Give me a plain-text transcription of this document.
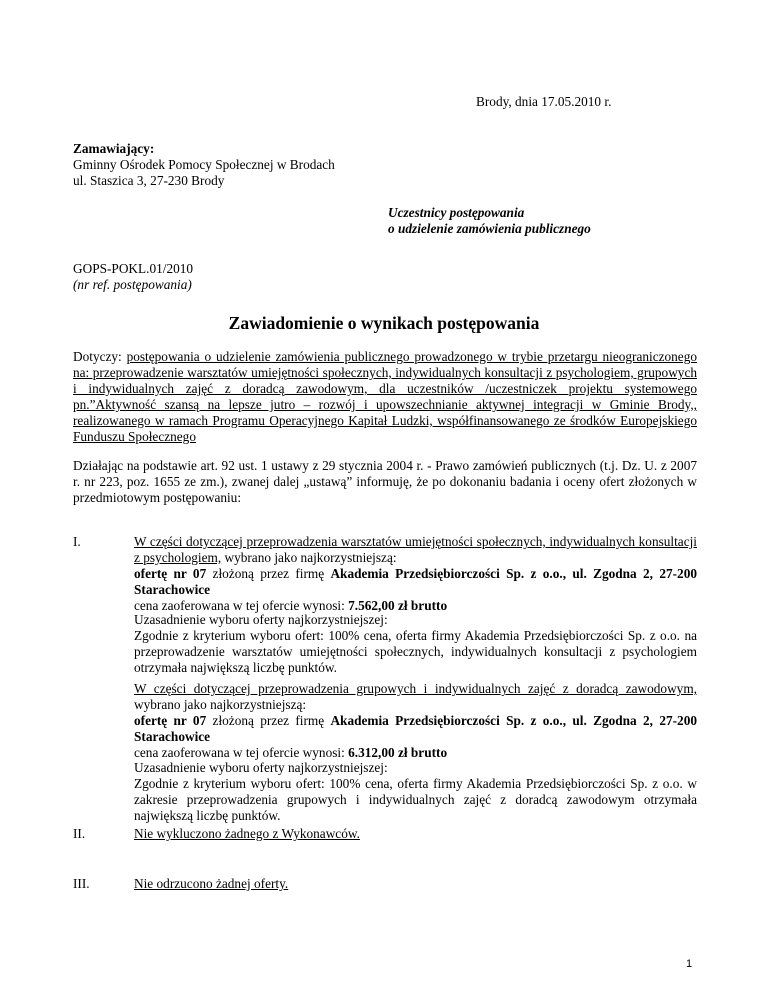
Brody, dnia 17.05.2010 r.
Zamawiający:
Gminny Ośrodek Pomocy Społecznej w Brodach
ul. Staszica 3, 27-230 Brody
Uczestnicy postępowania
o udzielenie zamówienia publicznego
GOPS-POKL.01/2010
(nr ref. postępowania)
Zawiadomienie o wynikach postępowania
Dotyczy: postępowania o udzielenie zamówienia publicznego prowadzonego w trybie przetargu nieograniczonego na: przeprowadzenie warsztatów umiejętności społecznych, indywidualnych konsultacji z psychologiem, grupowych i indywidualnych zajęć z doradcą zawodowym, dla uczestników /uczestniczek projektu systemowego pn.”Aktywność szansą na lepsze jutro – rozwój i upowszechnianie aktywnej integracji w Gminie Brody,, realizowanego w ramach Programu Operacyjnego Kapitał Ludzki, współfinansowanego ze środków Europejskiego Funduszu Społecznego
Działając na podstawie art. 92 ust. 1 ustawy z 29 stycznia 2004 r. - Prawo zamówień publicznych (t.j. Dz. U. z 2007 r. nr 223, poz. 1655 ze zm.), zwanej dalej „ustawą” informuję, że po dokonaniu badania i oceny ofert złożonych w przedmiotowym postępowaniu:
I.	W części dotyczącej przeprowadzenia warsztatów umiejętności społecznych, indywidualnych konsultacji z psychologiem, wybrano jako najkorzystniejszą:
ofertę nr 07 złożoną przez firmę Akademia Przedsiębiorczości Sp. z o.o., ul. Zgodna 2, 27-200 Starachowice
cena zaoferowana w tej ofercie wynosi: 7.562,00 zł brutto
Uzasadnienie wyboru oferty najkorzystniejszej:
Zgodnie z kryterium wyboru ofert: 100% cena, oferta firmy Akademia Przedsiębiorczości Sp. z o.o. na przeprowadzenie warsztatów umiejętności społecznych, indywidualnych konsultacji z psychologiem otrzymała największą liczbę punktów.
W części dotyczącej przeprowadzenia grupowych i indywidualnych zajęć z doradcą zawodowym, wybrano jako najkorzystniejszą:
ofertę nr 07 złożoną przez firmę Akademia Przedsiębiorczości Sp. z o.o., ul. Zgodna 2, 27-200 Starachowice
cena zaoferowana w tej ofercie wynosi: 6.312,00 zł brutto
Uzasadnienie wyboru oferty najkorzystniejszej:
Zgodnie z kryterium wyboru ofert: 100% cena, oferta firmy Akademia Przedsiębiorczości Sp. z o.o. w zakresie przeprowadzenia grupowych i indywidualnych zajęć z doradcą zawodowym otrzymała największą liczbę punktów.
II.	Nie wykluczono żadnego z Wykonawców.
III.	Nie odrzucono żadnej oferty.
1
